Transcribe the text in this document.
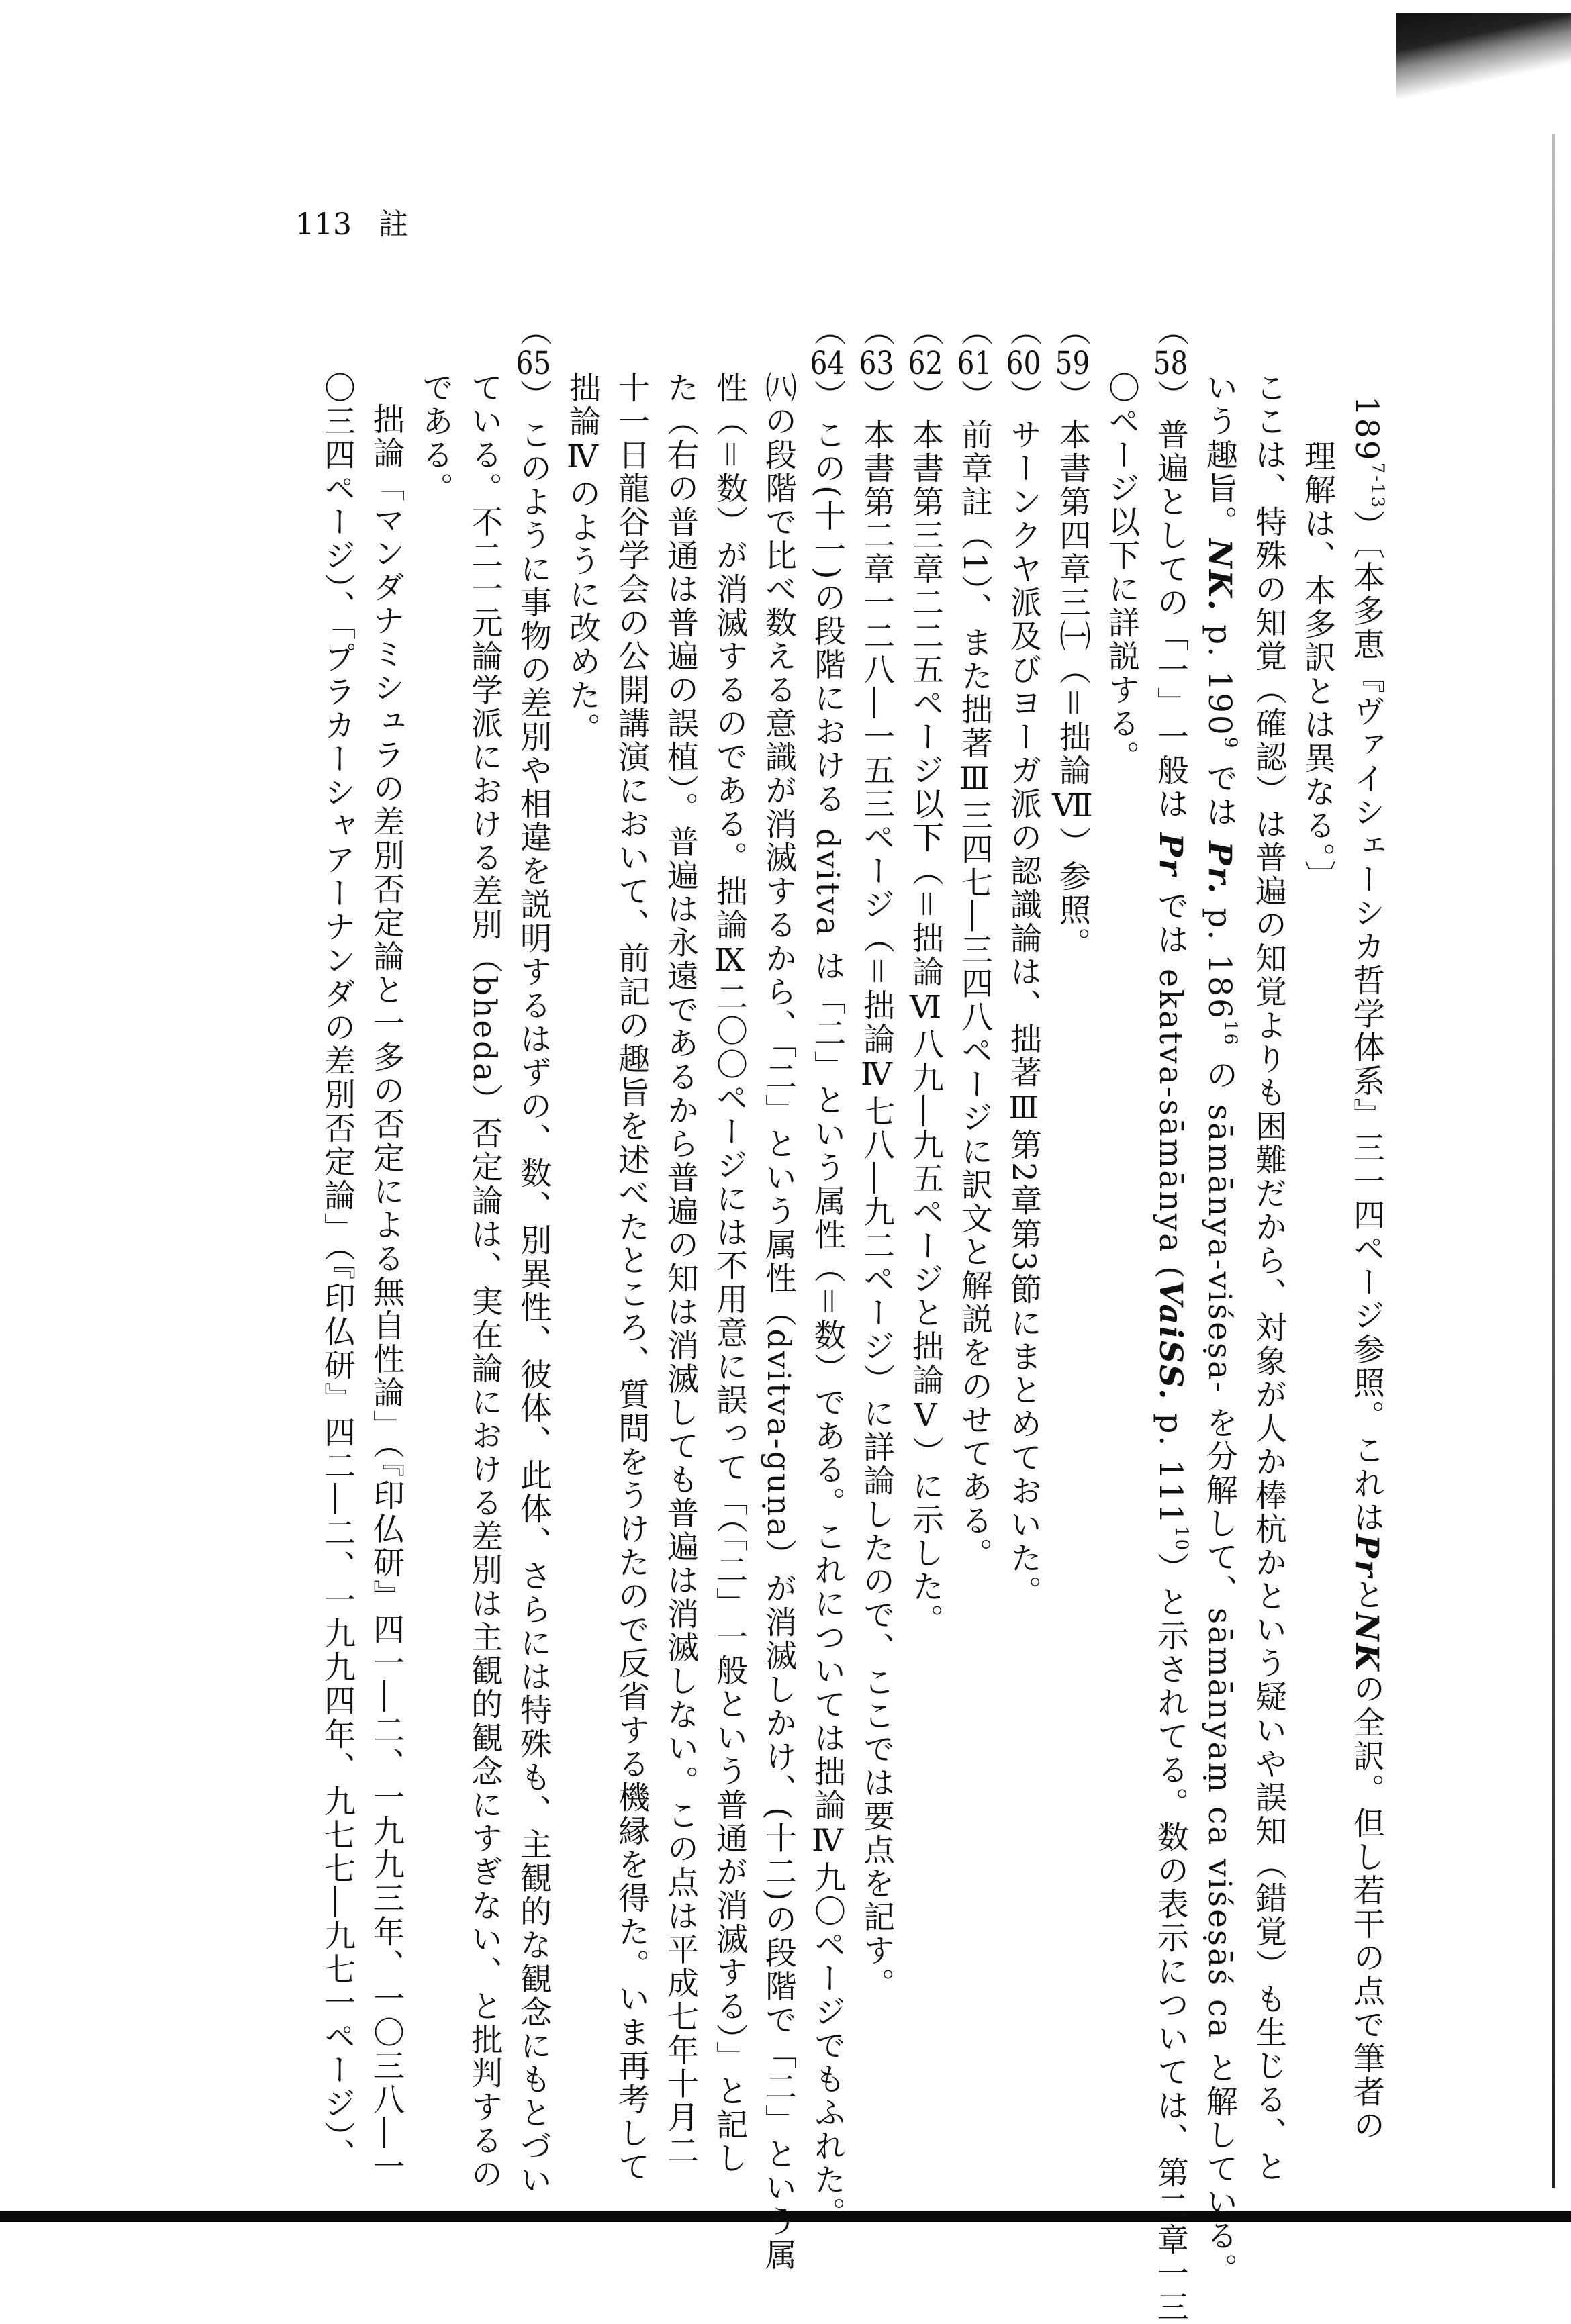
113 註
189$^{7-13}$）〔本多恵『ヴァイシェーシカ哲学体系』三一四ページ参照。これはPrとNKの全訳。但し若干の点で筆者の
理解は、本多訳とは異なる。〕
ここは、特殊の知覚（確認）は普遍の知覚よりも困難だから、対象が人か棒杭かという疑いや誤知（錯覚）も生じる、と
いう趣旨。NK. p. $190^9$ では Pr. p. $186^{16}$ の sāmānya-viśeṣa- を分解して、sāmānyaṃ ca viśeṣāś ca と解している。
（58）普遍としての「一」一般は Pr では ekatva-sāmānya (VaiSS. p. $111^{10}$）と示されてる。数の表示については、第二章一三
〇ページ以下に詳説する。
（59）本書第四章三㈠（＝拙論Ⅶ）参照。
（60）サーンクヤ派及びヨーガ派の認識論は、拙著Ⅲ第2章第3節にまとめておいた。
（61）前章註（1）、また拙著Ⅲ三四七―三四八ページに訳文と解説をのせてある。
（62）本書第三章二二五ページ以下（＝拙論Ⅵ八九―九五ページと拙論Ⅴ）に示した。
（63）本書第二章一二八―一五三ページ（＝拙論Ⅳ七八―九二ページ）に詳論したので、ここでは要点を記す。
（64）この(十一)の段階における dvitva は「二」という属性（＝数）である。これについては拙論Ⅳ九〇ページでもふれた。
㈧の段階で比べ数える意識が消滅するから、「二」という属性（dvitva-guṇa）が消滅しかけ、(十二)の段階で「二」という属
性（＝数）が消滅するのである。拙論Ⅸ二〇〇ページには不用意に誤って「（「二」一般という普通が消滅する）」と記し
た（右の普通は普遍の誤植）。普遍は永遠であるから普遍の知は消滅しても普遍は消滅しない。この点は平成七年十月二
十一日龍谷学会の公開講演において、前記の趣旨を述べたところ、質問をうけたので反省する機縁を得た。いま再考して
拙論Ⅳのように改めた。
（65）このように事物の差別や相違を説明するはずの、数、別異性、彼体、此体、さらには特殊も、主観的な観念にもとづい
ている。不二一元論学派における差別（bheda）否定論は、実在論における差別は主観的観念にすぎない、と批判するの
である。
拙論「マンダナミシュラの差別否定論と一多の否定による無自性論」（『印仏研』四一―二、一九九三年、一〇三八―一
〇三四ページ）、「プラカーシャアーナンダの差別否定論」（『印仏研』四二―二、一九九四年、九七七―九七一ページ）、
